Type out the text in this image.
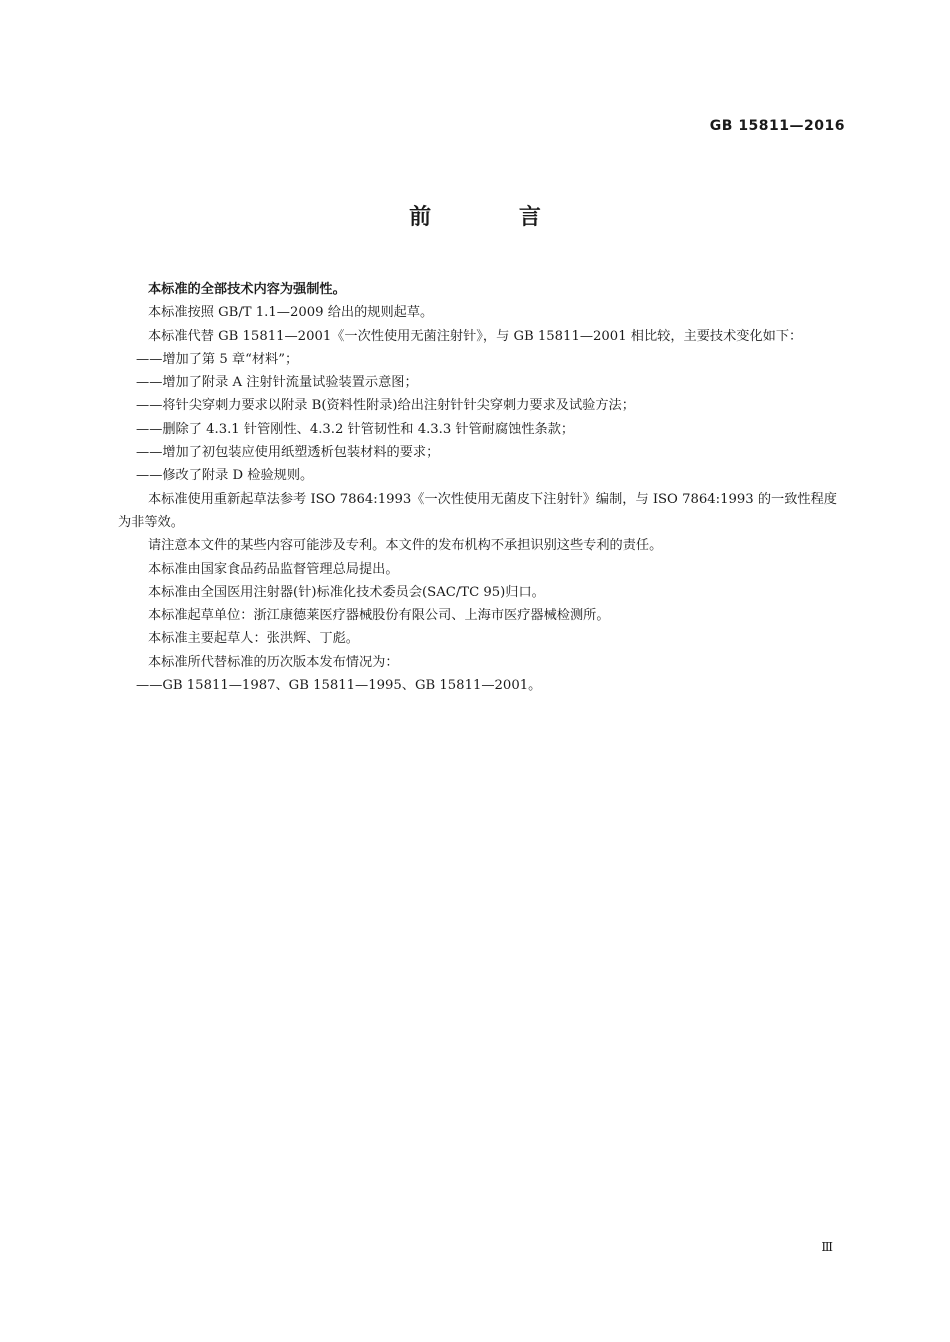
GB 15811—2016
前 言

本标准的全部技术内容为强制性。

本标准按照 GB/T 1.1—2009 给出的规则起草。

本标准代替 GB 15811—2001《一次性使用无菌注射针》，与 GB 15811—2001 相比较，主要技术变化如下：

——增加了第 5 章“材料”；

——增加了附录 A 注射针流量试验装置示意图；

——将针尖穿刺力要求以附录 B(资料性附录)给出注射针针尖穿刺力要求及试验方法；

——删除了 4.3.1 针管刚性、4.3.2 针管韧性和 4.3.3 针管耐腐蚀性条款；

——增加了初包装应使用纸塑透析包装材料的要求；

——修改了附录 D 检验规则。

本标准使用重新起草法参考 ISO 7864:1993《一次性使用无菌皮下注射针》编制，与 ISO 7864:1993 的一致性程度为非等效。

请注意本文件的某些内容可能涉及专利。本文件的发布机构不承担识别这些专利的责任。

本标准由国家食品药品监督管理总局提出。

本标准由全国医用注射器(针)标准化技术委员会(SAC/TC 95)归口。

本标准起草单位：浙江康德莱医疗器械股份有限公司、上海市医疗器械检测所。

本标准主要起草人：张洪辉、丁彪。

本标准所代替标准的历次版本发布情况为：

——GB 15811—1987、GB 15811—1995、GB 15811—2001。

Ⅲ
